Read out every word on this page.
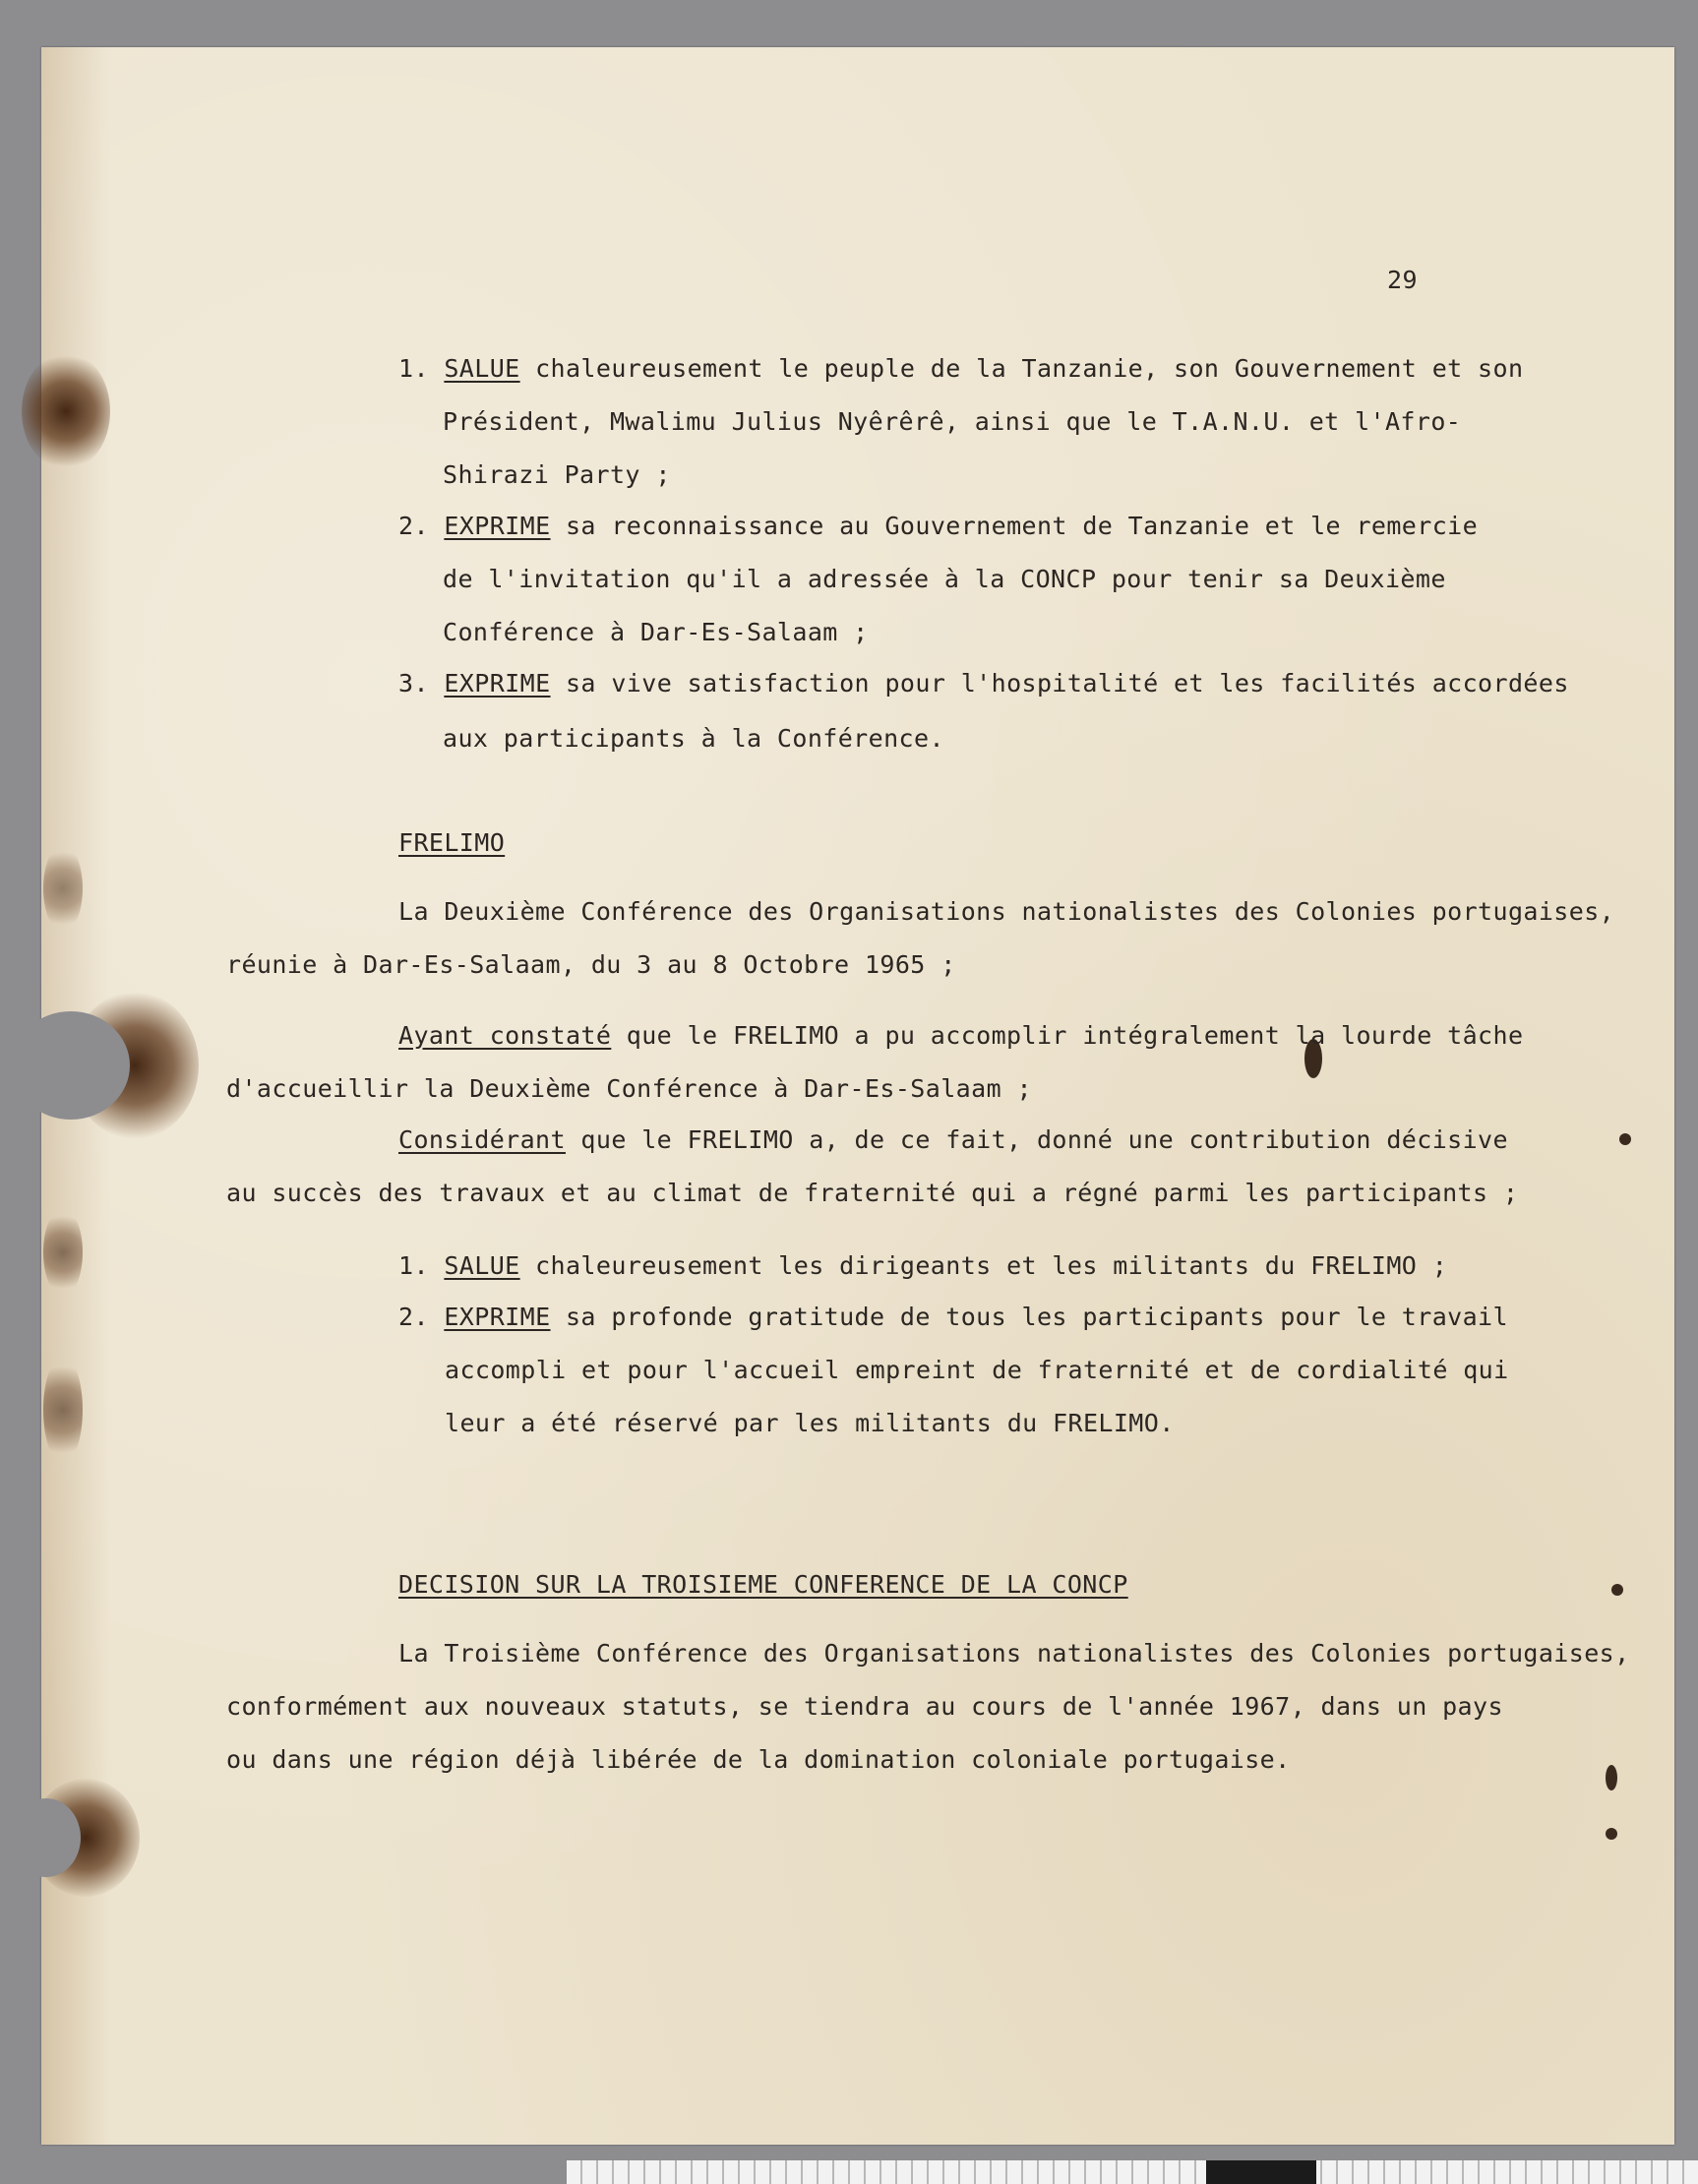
29
1. SALUE chaleureusement le peuple de la Tanzanie, son Gouvernement et son
Président, Mwalimu Julius Nyêrêrê, ainsi que le T.A.N.U. et l'Afro-
Shirazi Party ;
2. EXPRIME sa reconnaissance au Gouvernement de Tanzanie et le remercie
de l'invitation qu'il a adressée à la CONCP pour tenir sa Deuxième
Conférence à Dar-Es-Salaam ;
3. EXPRIME sa vive satisfaction pour l'hospitalité et les facilités accordées
aux participants à la Conférence.
FRELIMO
La Deuxième Conférence des Organisations nationalistes des Colonies portugaises,
réunie à Dar-Es-Salaam, du 3 au 8 Octobre 1965 ;
Ayant constaté que le FRELIMO a pu accomplir intégralement la lourde tâche
d'accueillir la Deuxième Conférence à Dar-Es-Salaam ;
Considérant que le FRELIMO a, de ce fait, donné une contribution décisive
au succès des travaux et au climat de fraternité qui a régné parmi les participants ;
1. SALUE chaleureusement les dirigeants et les militants du FRELIMO ;
2. EXPRIME sa profonde gratitude de tous les participants pour le travail
accompli et pour l'accueil empreint de fraternité et de cordialité qui
leur a été réservé par les militants du FRELIMO.
DECISION SUR LA TROISIEME CONFERENCE DE LA CONCP
La Troisième Conférence des Organisations nationalistes des Colonies portugaises,
conformément aux nouveaux statuts, se tiendra au cours de l'année 1967, dans un pays
ou dans une région déjà libérée de la domination coloniale portugaise.
